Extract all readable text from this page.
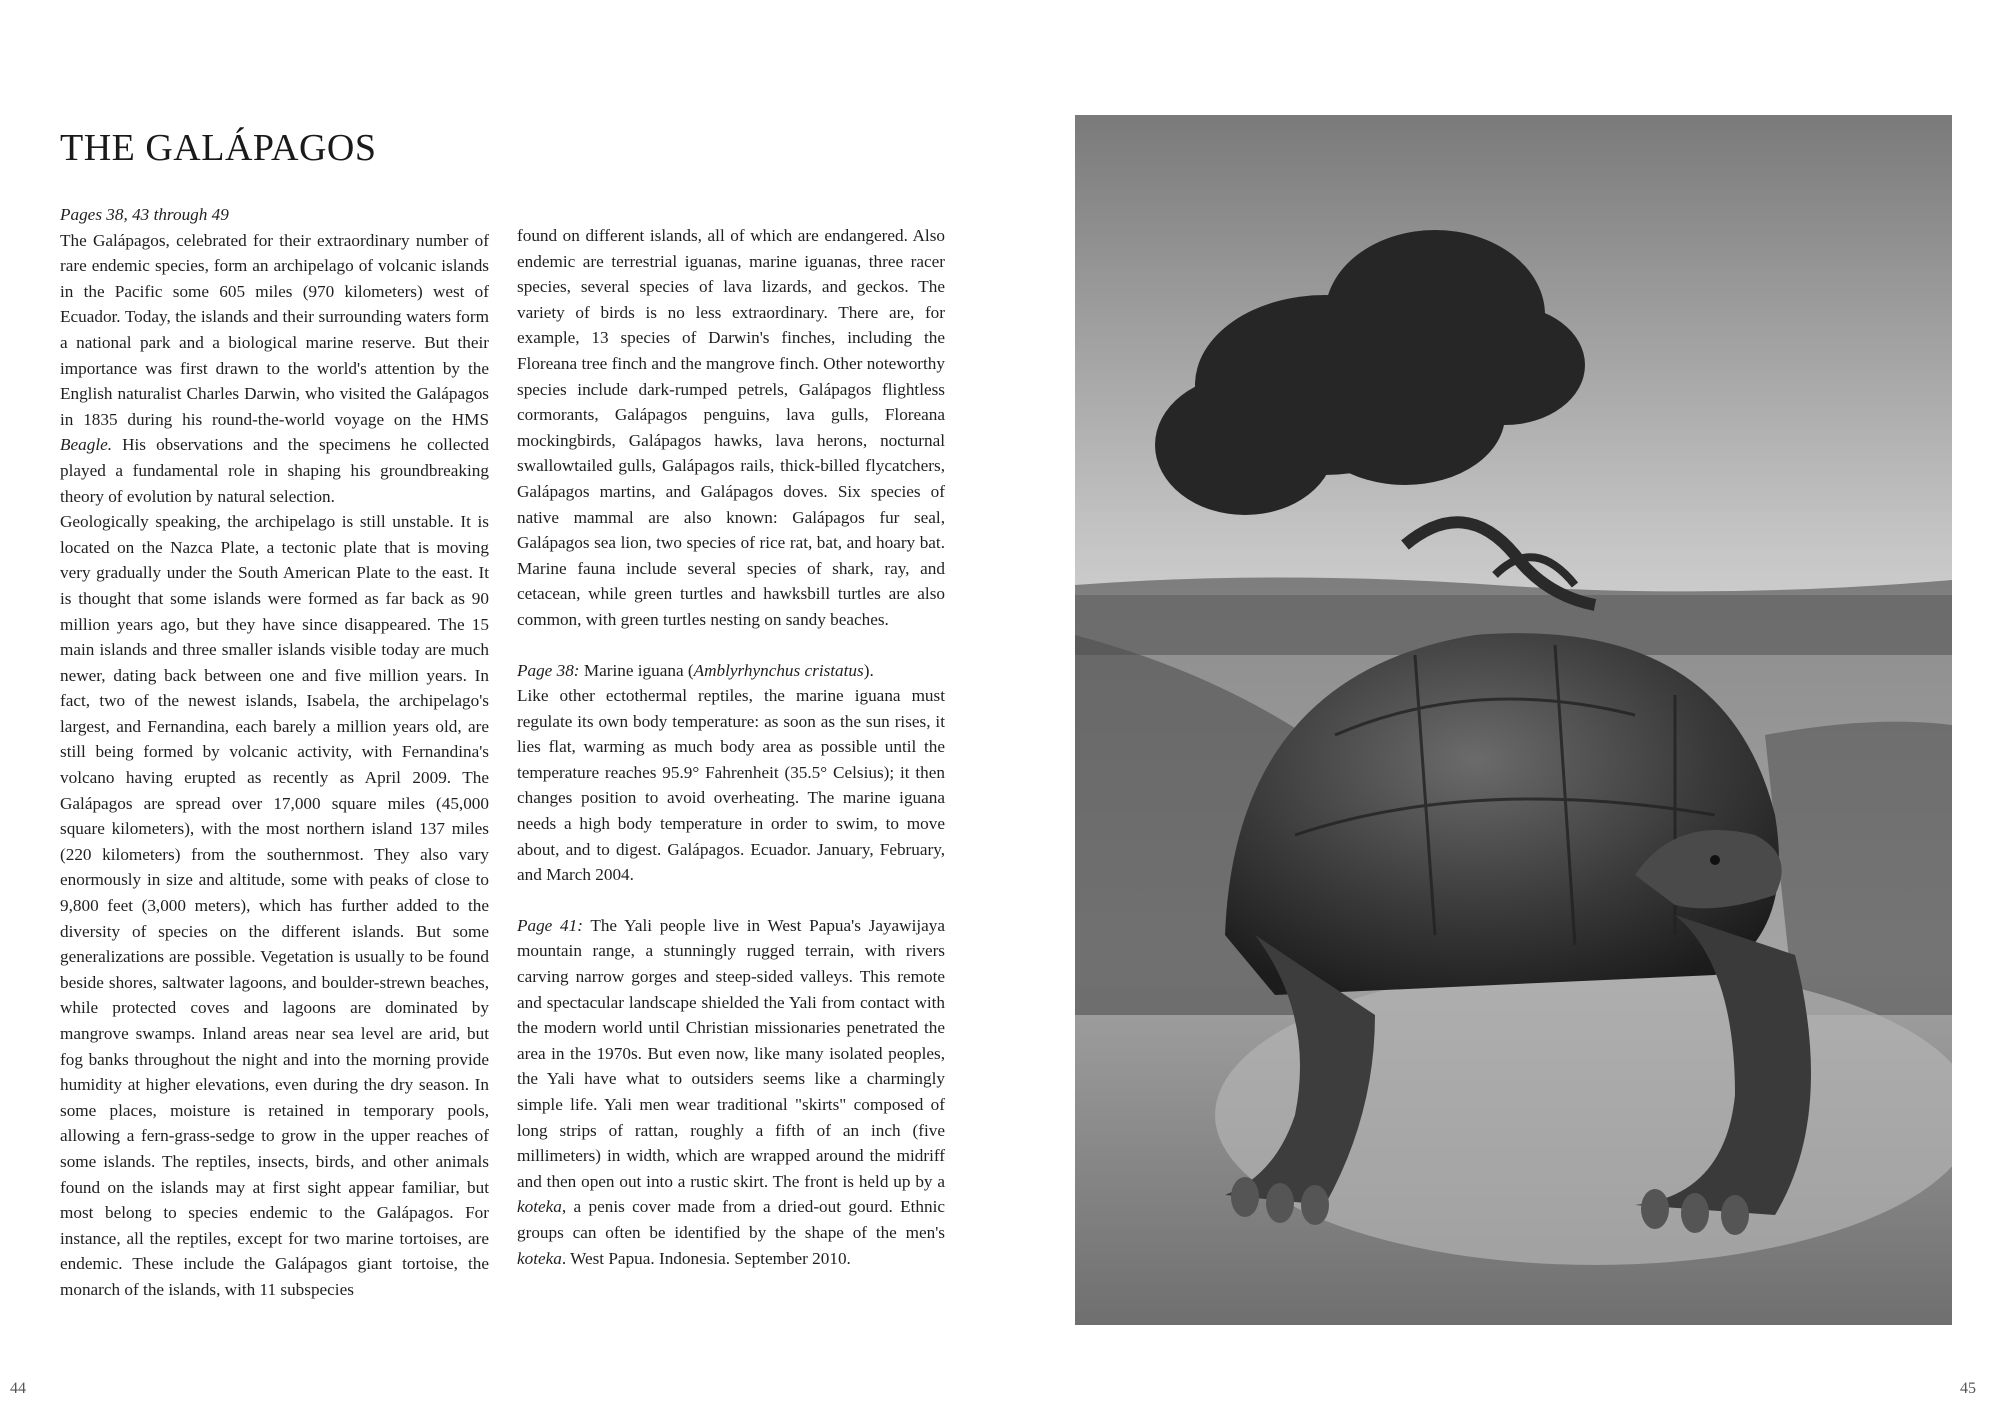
THE GALÁPAGOS
Pages 38, 43 through 49

The Galápagos, celebrated for their extraordinary number of rare endemic species, form an archipelago of volcanic islands in the Pacific some 605 miles (970 kilometers) west of Ecuador. Today, the islands and their surrounding waters form a national park and a biological marine reserve. But their importance was first drawn to the world's attention by the English naturalist Charles Darwin, who visited the Galápagos in 1835 during his round-the-world voyage on the HMS Beagle. His observations and the specimens he collected played a fundamental role in shaping his groundbreaking theory of evolution by natural selection.

Geologically speaking, the archipelago is still unstable. It is located on the Nazca Plate, a tectonic plate that is moving very gradually under the South American Plate to the east. It is thought that some islands were formed as far back as 90 million years ago, but they have since disappeared. The 15 main islands and three smaller islands visible today are much newer, dating back between one and five million years. In fact, two of the newest islands, Isabela, the archipelago's largest, and Fernandina, each barely a million years old, are still being formed by volcanic activity, with Fernandina's volcano having erupted as recently as April 2009. The Galápagos are spread over 17,000 square miles (45,000 square kilometers), with the most northern island 137 miles (220 kilometers) from the southernmost. They also vary enormously in size and altitude, some with peaks of close to 9,800 feet (3,000 meters), which has further added to the diversity of species on the different islands. But some generalizations are possible. Vegetation is usually to be found beside shores, saltwater lagoons, and boulder-strewn beaches, while protected coves and lagoons are dominated by mangrove swamps. Inland areas near sea level are arid, but fog banks throughout the night and into the morning provide humidity at higher elevations, even during the dry season. In some places, moisture is retained in temporary pools, allowing a fern-grass-sedge to grow in the upper reaches of some islands. The reptiles, insects, birds, and other animals found on the islands may at first sight appear familiar, but most belong to species endemic to the Galápagos. For instance, all the reptiles, except for two marine tortoises, are endemic. These include the Galápagos giant tortoise, the monarch of the islands, with 11 subspecies

found on different islands, all of which are endangered. Also endemic are terrestrial iguanas, marine iguanas, three racer species, several species of lava lizards, and geckos. The variety of birds is no less extraordinary. There are, for example, 13 species of Darwin's finches, including the Floreana tree finch and the mangrove finch. Other noteworthy species include dark-rumped petrels, Galápagos flightless cormorants, Galápagos penguins, lava gulls, Floreana mockingbirds, Galápagos hawks, lava herons, nocturnal swallowtailed gulls, Galápagos rails, thick-billed flycatchers, Galápagos martins, and Galápagos doves. Six species of native mammal are also known: Galápagos fur seal, Galápagos sea lion, two species of rice rat, bat, and hoary bat. Marine fauna include several species of shark, ray, and cetacean, while green turtles and hawksbill turtles are also common, with green turtles nesting on sandy beaches.

Page 38: Marine iguana (Amblyrhynchus cristatus).

Like other ectothermal reptiles, the marine iguana must regulate its own body temperature: as soon as the sun rises, it lies flat, warming as much body area as possible until the temperature reaches 95.9° Fahrenheit (35.5° Celsius); it then changes position to avoid overheating. The marine iguana needs a high body temperature in order to swim, to move about, and to digest. Galápagos. Ecuador. January, February, and March 2004.

Page 41: The Yali people live in West Papua's Jayawijaya mountain range, a stunningly rugged terrain, with rivers carving narrow gorges and steep-sided valleys. This remote and spectacular landscape shielded the Yali from contact with the modern world until Christian missionaries penetrated the area in the 1970s. But even now, like many isolated peoples, the Yali have what to outsiders seems like a charmingly simple life. Yali men wear traditional "skirts" composed of long strips of rattan, roughly a fifth of an inch (five millimeters) in width, which are wrapped around the midriff and then open out into a rustic skirt. The front is held up by a koteka, a penis cover made from a dried-out gourd. Ethnic groups can often be identified by the shape of the men's koteka. West Papua. Indonesia. September 2010.

44	45
